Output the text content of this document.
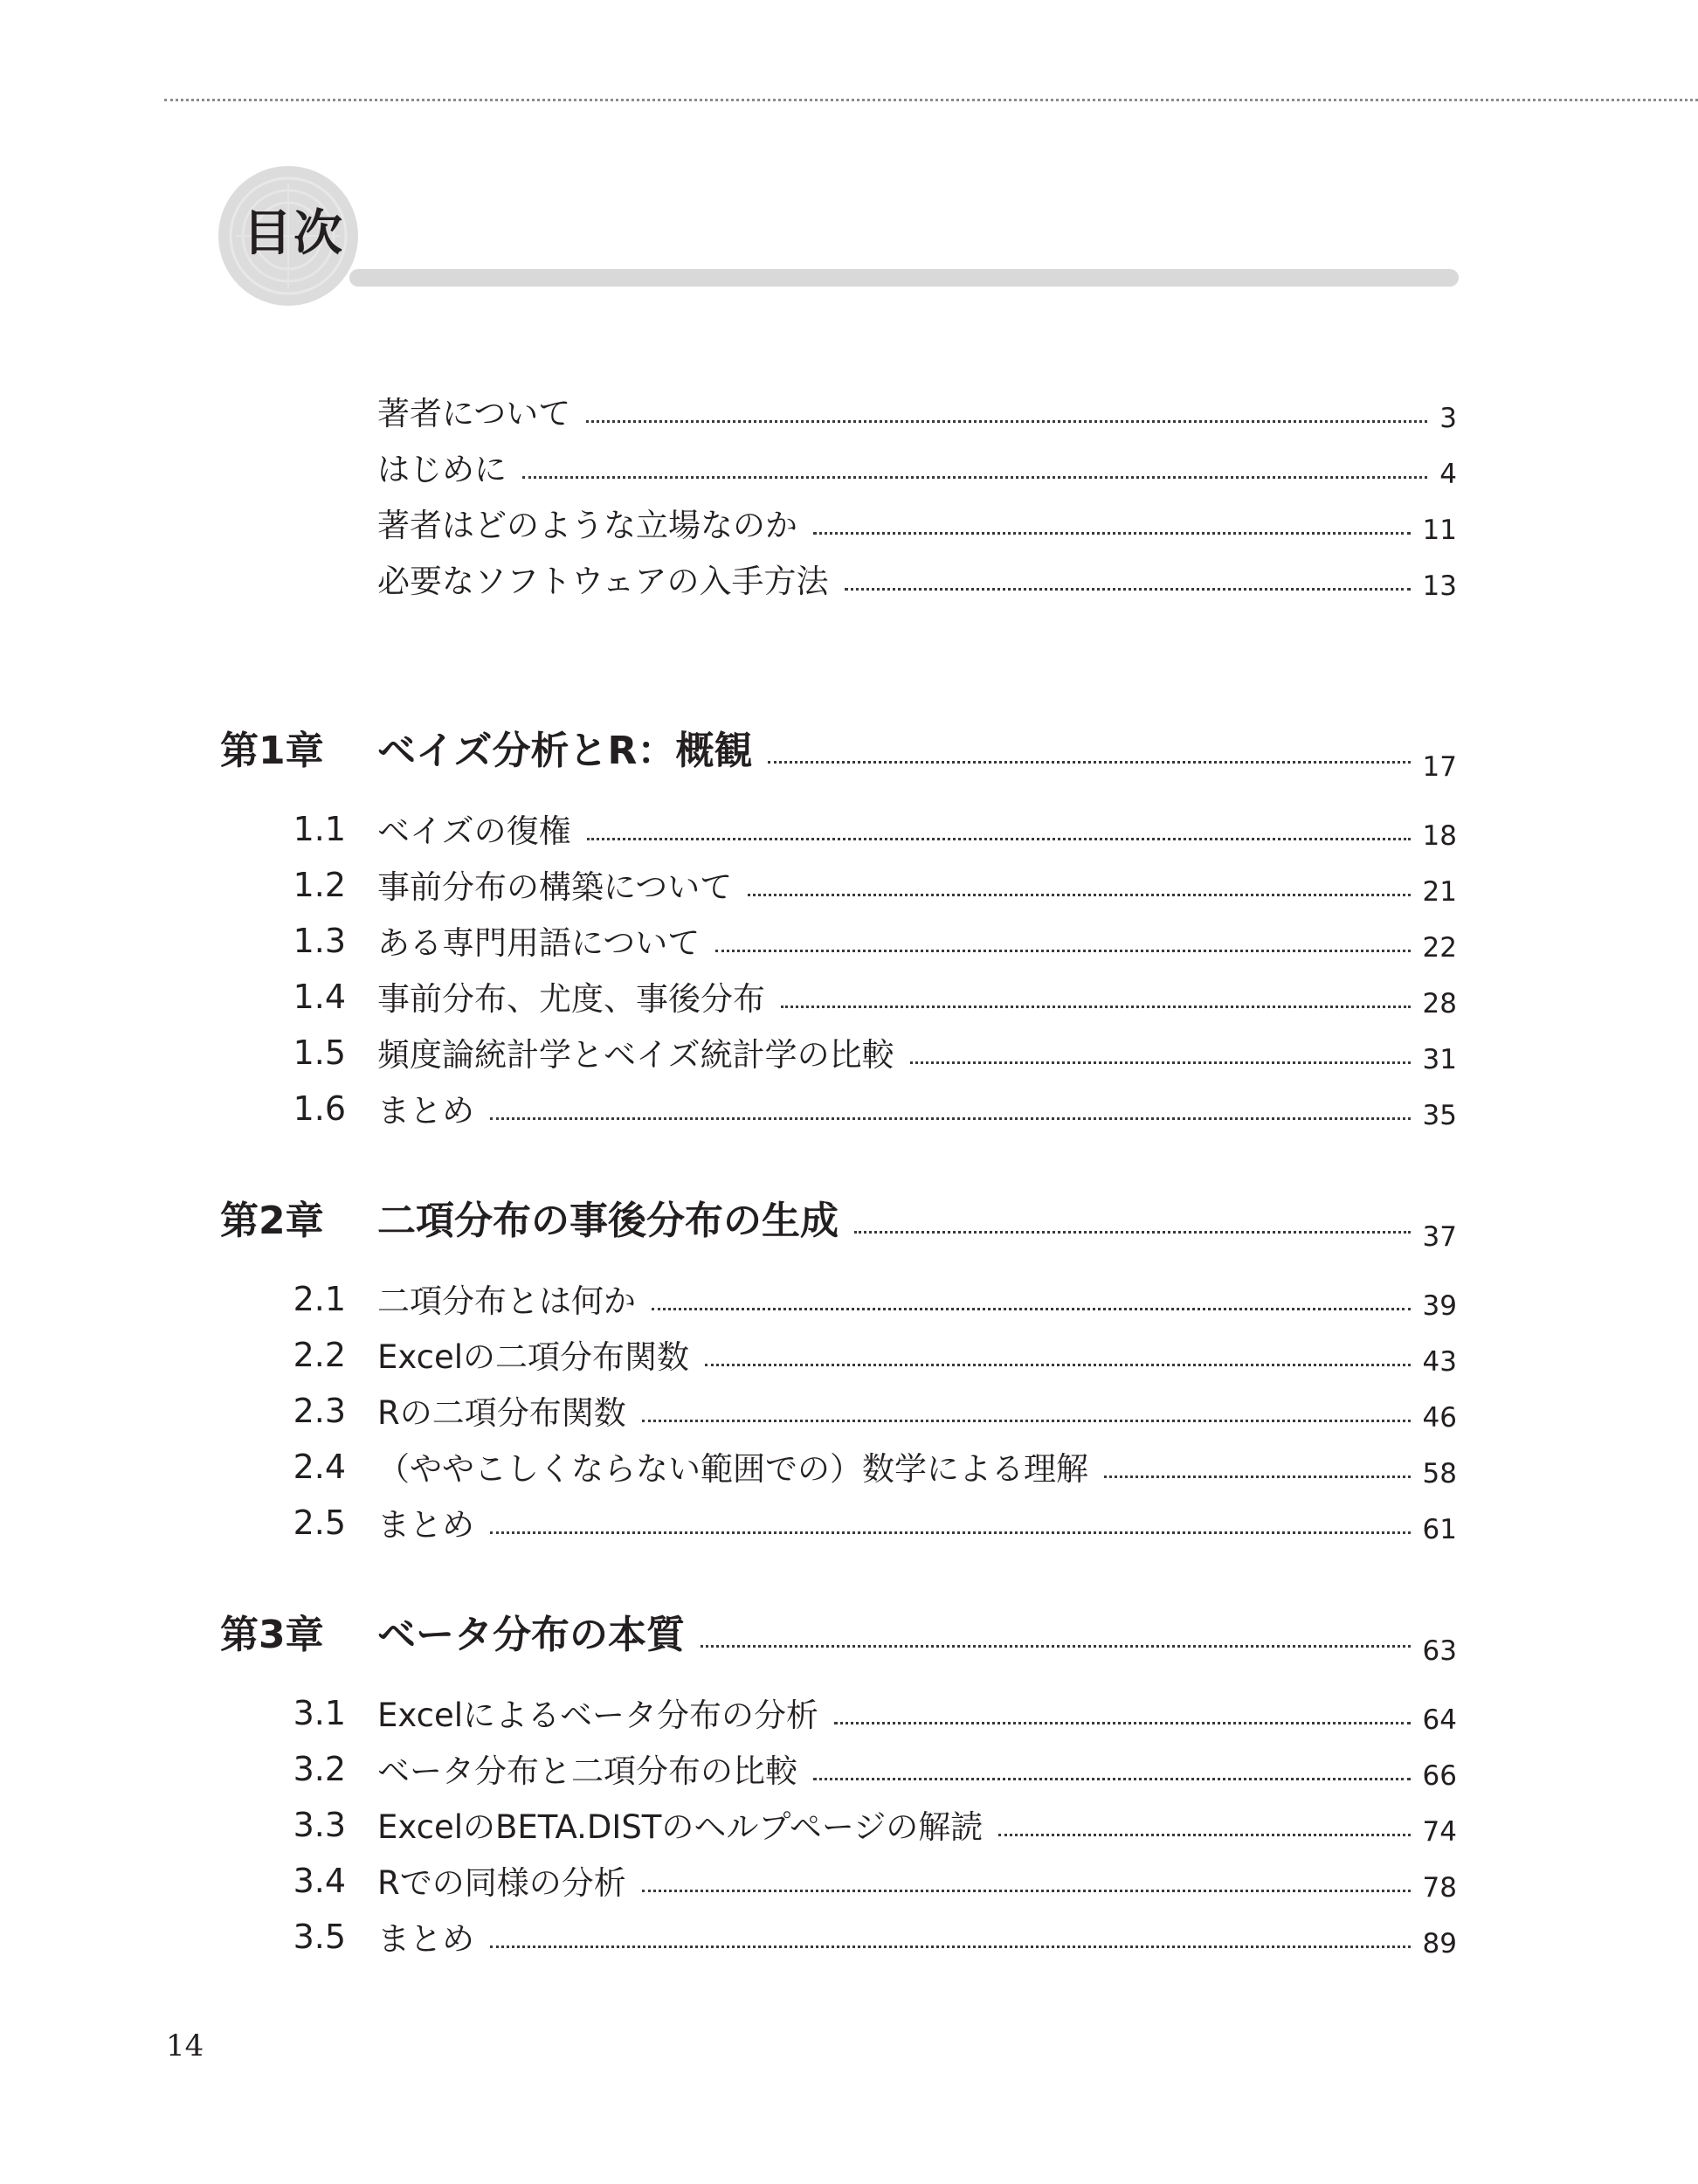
目次
著者について	3
はじめに	4
著者はどのような立場なのか	11
必要なソフトウェアの入手方法	13
第1章 ベイズ分析とR：概観	17
1.1 ベイズの復権	18
1.2 事前分布の構築について	21
1.3 ある専門用語について	22
1.4 事前分布、尤度、事後分布	28
1.5 頻度論統計学とベイズ統計学の比較	31
1.6 まとめ	35
第2章 二項分布の事後分布の生成	37
2.1 二項分布とは何か	39
2.2 Excelの二項分布関数	43
2.3 Rの二項分布関数	46
2.4 （ややこしくならない範囲での）数学による理解	58
2.5 まとめ	61
第3章 ベータ分布の本質	63
3.1 Excelによるベータ分布の分析	64
3.2 ベータ分布と二項分布の比較	66
3.3 ExcelのBETA.DISTのヘルプページの解読	74
3.4 Rでの同様の分析	78
3.5 まとめ	89
14
